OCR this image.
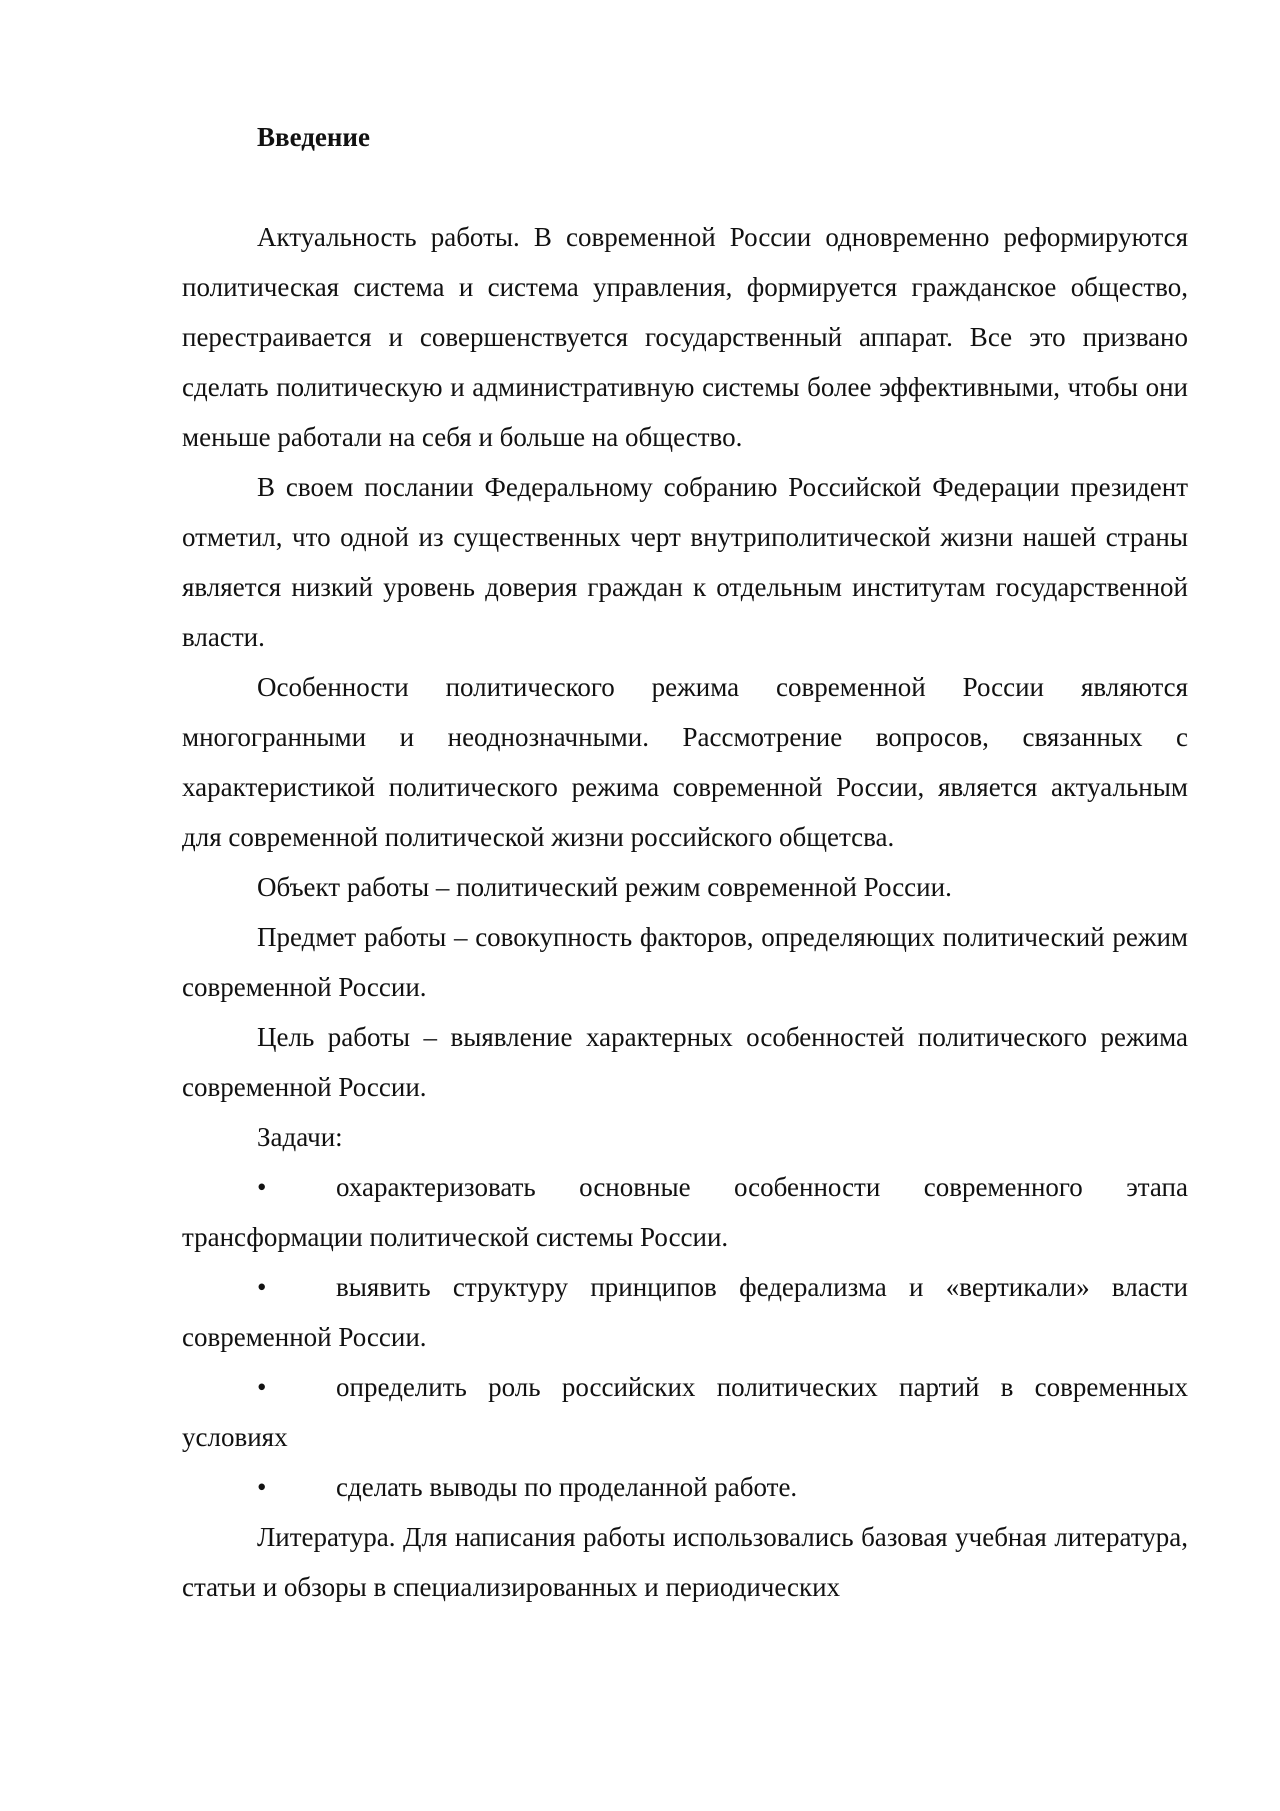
Введение

Актуальность работы. В современной России одновременно реформируются политическая система и система управления, формируется гражданское общество, перестраивается и совершенствуется государственный аппарат. Все это призвано сделать политическую и административную системы более эффективными, чтобы они меньше работали на себя и больше на общество.

В своем послании Федеральному собранию Российской Федерации президент отметил, что одной из существенных черт внутриполитической жизни нашей страны является низкий уровень доверия граждан к отдельным институтам государственной власти.

Особенности политического режима современной России являются многогранными и неоднозначными. Рассмотрение вопросов, связанных с характеристикой политического режима современной России, является актуальным для современной политической жизни российского общетсва.

Объект работы – политический режим современной России.

Предмет работы – совокупность факторов, определяющих политический режим современной России.

Цель работы – выявление характерных особенностей политического режима современной России.

Задачи:

•	охарактеризовать основные особенности современного этапа трансформации политической системы России.

•	выявить структуру принципов федерализма и «вертикали» власти современной России.

•	определить роль российских политических партий в современных условиях

•	сделать выводы по проделанной работе.

Литература. Для написания работы использовались базовая учебная литература, статьи и обзоры в специализированных и периодических
